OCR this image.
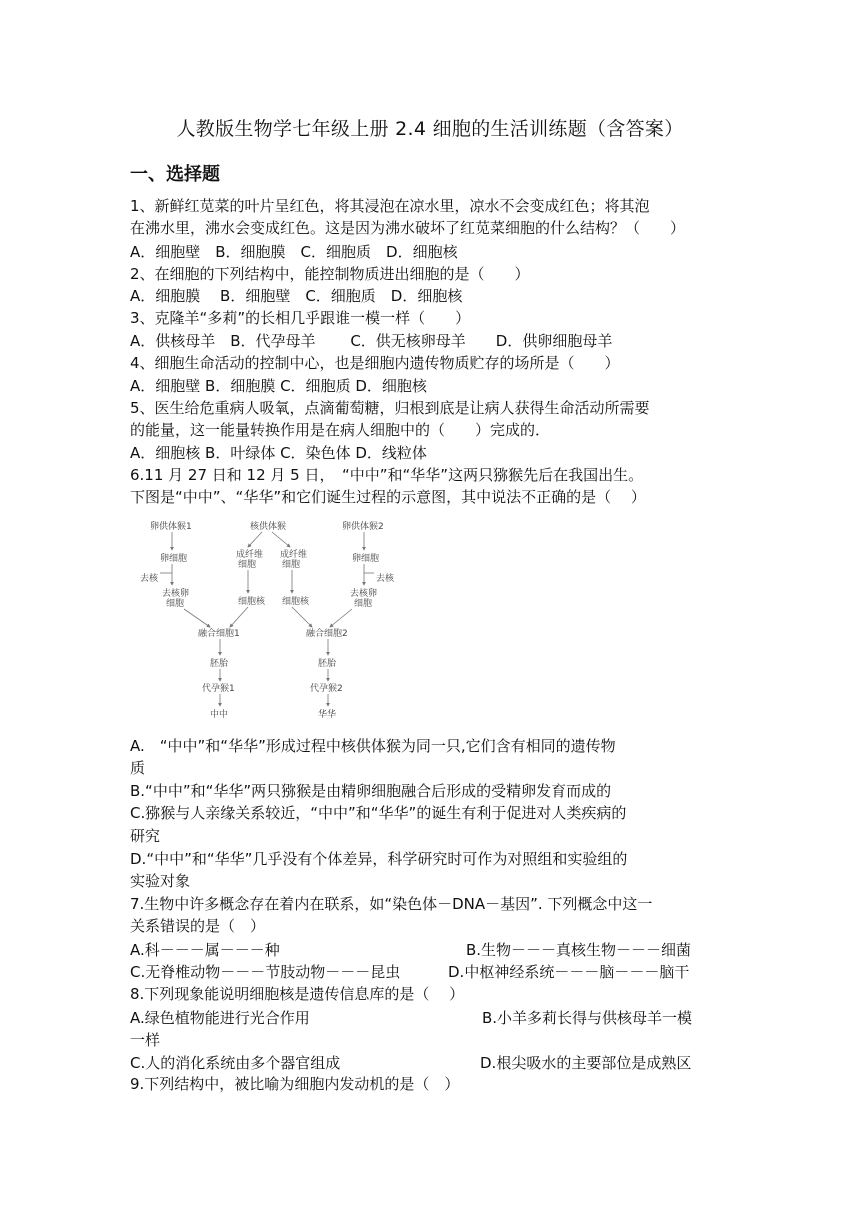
人教版生物学七年级上册 2.4 细胞的生活训练题（含答案）
一、选择题
1、新鲜红苋菜的叶片呈红色，将其浸泡在凉水里，凉水不会变成红色；将其泡
在沸水里，沸水会变成红色。这是因为沸水破坏了红苋菜细胞的什么结构？（　　）
A．细胞壁　B．细胞膜　C．细胞质　D．细胞核
2、在细胞的下列结构中，能控制物质进出细胞的是（　　）
A．细胞膜　 B．细胞壁　C．细胞质　D．细胞核
3、克隆羊“多莉”的长相几乎跟谁一模一样（　　）
A．供核母羊　B．代孕母羊　　 C．供无核卵母羊　　D．供卵细胞母羊
4、细胞生命活动的控制中心，也是细胞内遗传物质贮存的场所是（　　）
A．细胞壁 B．细胞膜 C．细胞质 D．细胞核
5、医生给危重病人吸氧，点滴葡萄糖，归根到底是让病人获得生命活动所需要
的能量，这一能量转换作用是在病人细胞中的（　　）完成的．
A．细胞核 B．叶绿体 C．染色体 D．线粒体
6.11 月 27 日和 12 月 5 日，　“中中”和“华华”这两只猕猴先后在我国出生。
下图是“中中”、“华华”和它们诞生过程的示意图，其中说法不正确的是（　 ）
卵供体猴1
卵细胞
去核
去核卵
细胞
核供体猴
成纤维
细胞
成纤维
细胞
细胞核 细胞核
卵供体猴2
卵细胞
去核
去核卵
细胞
融合细胞1	融合细胞2
胚胎	胚胎
代孕猴1	代孕猴2
中中	华华
A.　“中中”和“华华”形成过程中核供体猴为同一只,它们含有相同的遗传物
质
B.“中中”和“华华”两只猕猴是由精卵细胞融合后形成的受精卵发育而成的
C.猕猴与人亲缘关系较近，“中中”和“华华”的诞生有利于促进对人类疾病的
研究
D.“中中”和“华华”几乎没有个体差异，科学研究时可作为对照组和实验组的
实验对象
7.生物中许多概念存在着内在联系，如“染色体－DNA－基因”. 下列概念中这一
关系错误的是（　）
A.科－－－属－－－种	B.生物－－－真核生物－－－细菌
C.无脊椎动物－－－节肢动物－－－昆虫	D.中枢神经系统－－－脑－－－脑干
8.下列现象能说明细胞核是遗传信息库的是（　 ）
A.绿色植物能进行光合作用	B.小羊多莉长得与供核母羊一模
一样
C.人的消化系统由多个器官组成	D.根尖吸水的主要部位是成熟区
9.下列结构中，被比喻为细胞内发动机的是（　）
